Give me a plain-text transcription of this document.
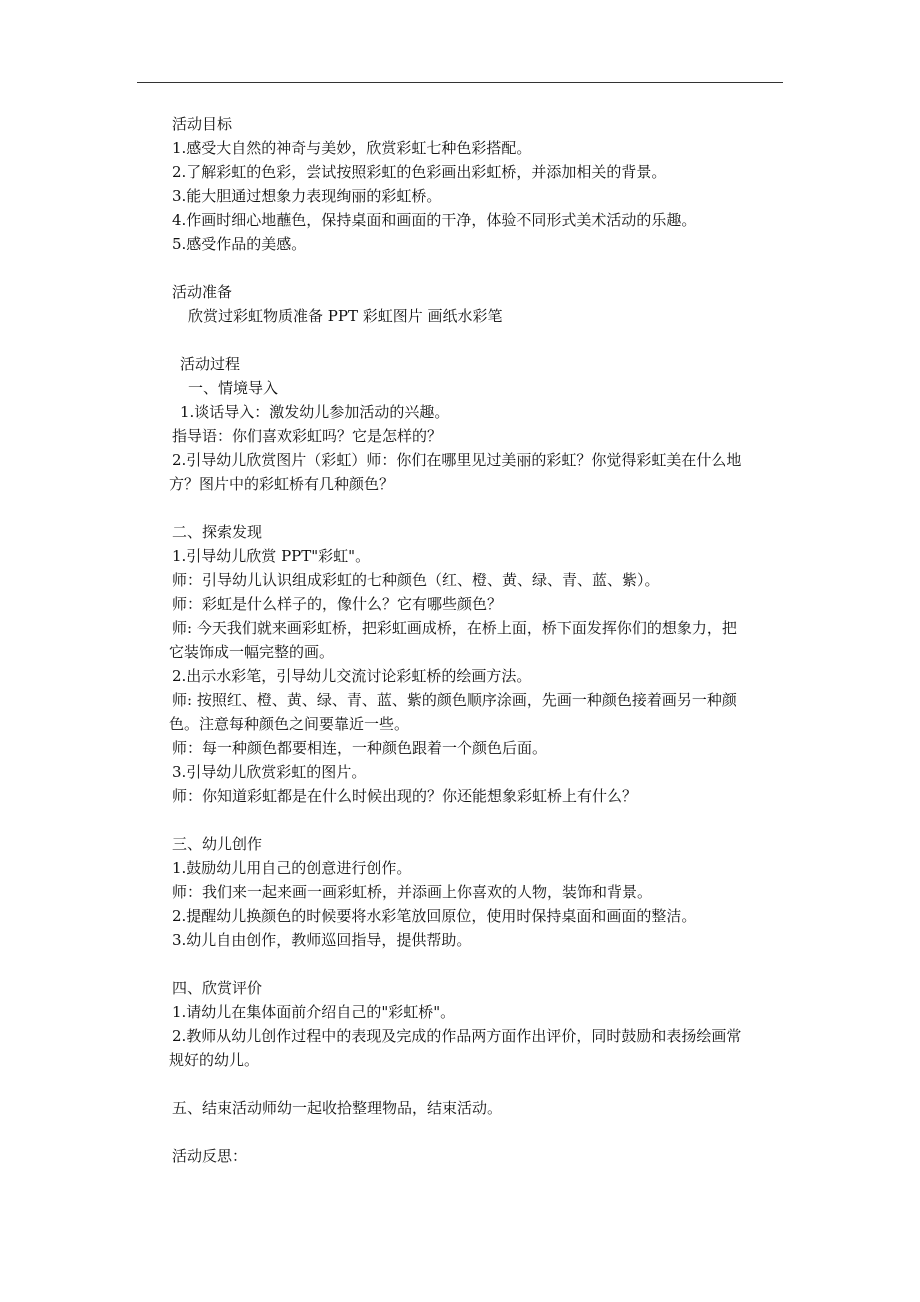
活动目标
1.感受大自然的神奇与美妙，欣赏彩虹七种色彩搭配。
2.了解彩虹的色彩，尝试按照彩虹的色彩画出彩虹桥，并添加相关的背景。
3.能大胆通过想象力表现绚丽的彩虹桥。
4.作画时细心地蘸色，保持桌面和画面的干净，体验不同形式美术活动的乐趣。
5.感受作品的美感。
活动准备
欣赏过彩虹物质准备 PPT 彩虹图片 画纸水彩笔
活动过程
一、情境导入
1.谈话导入：激发幼儿参加活动的兴趣。
指导语：你们喜欢彩虹吗？它是怎样的？
2.引导幼儿欣赏图片（彩虹）师：你们在哪里见过美丽的彩虹？你觉得彩虹美在什么地
方？图片中的彩虹桥有几种颜色？
二、探索发现
1.引导幼儿欣赏 PPT"彩虹"。
师：引导幼儿认识组成彩虹的七种颜色（红、橙、黄、绿、青、蓝、紫）。
师：彩虹是什么样子的，像什么？它有哪些颜色？
师: 今天我们就来画彩虹桥，把彩虹画成桥，在桥上面，桥下面发挥你们的想象力，把
它装饰成一幅完整的画。
2.出示水彩笔，引导幼儿交流讨论彩虹桥的绘画方法。
师: 按照红、橙、黄、绿、青、蓝、紫的颜色顺序涂画，先画一种颜色接着画另一种颜
色。注意每种颜色之间要靠近一些。
师：每一种颜色都要相连，一种颜色跟着一个颜色后面。
3.引导幼儿欣赏彩虹的图片。
师：你知道彩虹都是在什么时候出现的？你还能想象彩虹桥上有什么？
三、幼儿创作
1.鼓励幼儿用自己的创意进行创作。
师：我们来一起来画一画彩虹桥，并添画上你喜欢的人物，装饰和背景。
2.提醒幼儿换颜色的时候要将水彩笔放回原位，使用时保持桌面和画面的整洁。
3.幼儿自由创作，教师巡回指导，提供帮助。
四、欣赏评价
1.请幼儿在集体面前介绍自己的"彩虹桥"。
2.教师从幼儿创作过程中的表现及完成的作品两方面作出评价，同时鼓励和表扬绘画常
规好的幼儿。
五、结束活动师幼一起收拾整理物品，结束活动。
活动反思：
